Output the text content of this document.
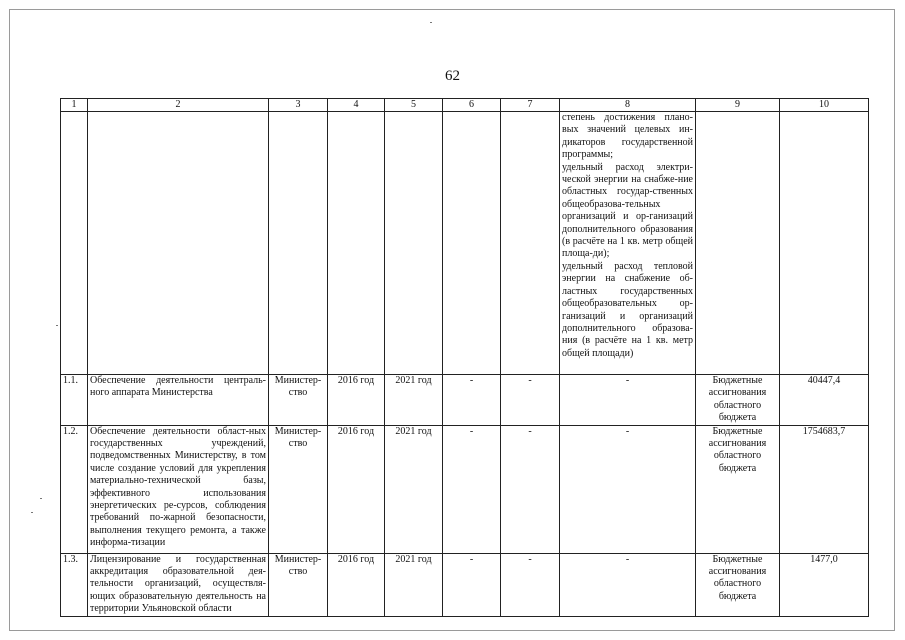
62
1	2	3	4	5	6	7	8	9	10
							степень достижения плано-вых значений целевых ин-дикаторов государственной программы;
удельный расход электри-ческой энергии на снабже-ние областных государ-ственных общеобразова-тельных организаций и ор-ганизаций дополнительного образования (в расчёте на 1 кв. метр общей площа-ди);
удельный расход тепловой энергии на снабжение об-ластных государственных общеобразовательных ор-ганизаций и организаций дополнительного образова-ния (в расчёте на 1 кв. метр общей площади)		
1.1.	Обеспечение деятельности централь-ного аппарата Министерства	Министер-ство	2016 год	2021 год	-	-	-	Бюджетные ассигнования областного бюджета	40447,4
1.2.	Обеспечение деятельности област-ных государственных учреждений, подведомственных Министерству, в том числе создание условий для укрепления материально-технической базы, эффективного использования энергетических ре-сурсов, соблюдения требований по-жарной безопасности, выполнения текущего ремонта, а также информа-тизации	Министер-ство	2016 год	2021 год	-	-	-	Бюджетные ассигнования областного бюджета	1754683,7
1.3.	Лицензирование и государственная аккредитация образовательной дея-тельности организаций, осуществля-ющих образовательную деятельность на территории Ульяновской области	Министер-ство	2016 год	2021 год	-	-	-	Бюджетные ассигнования областного бюджета	1477,0
